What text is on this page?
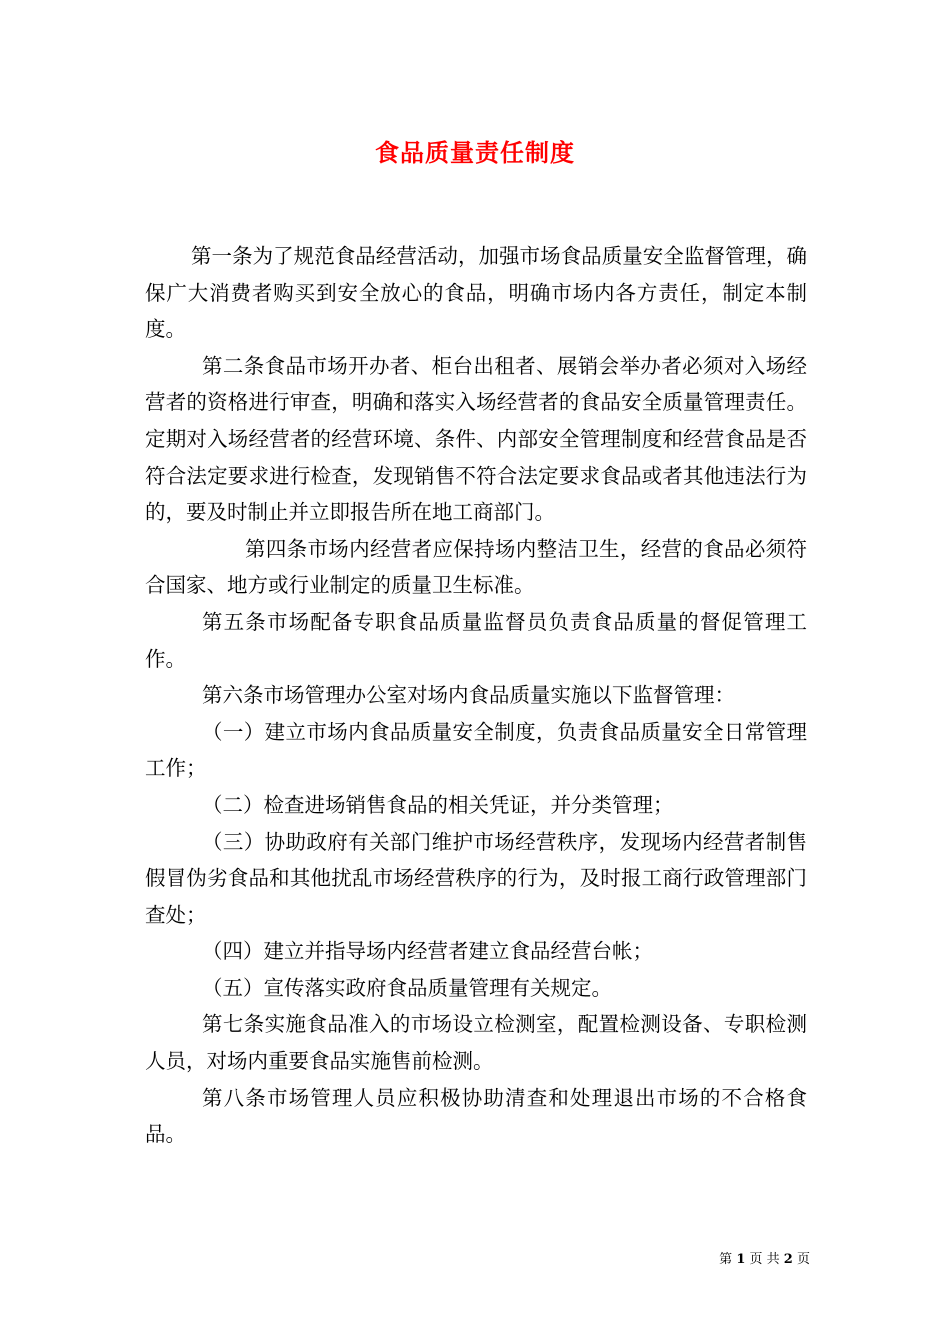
食品质量责任制度

第一条为了规范食品经营活动，加强市场食品质量安全监督管理，确保广大消费者购买到安全放心的食品，明确市场内各方责任，制定本制度。

第二条食品市场开办者、柜台出租者、展销会举办者必须对入场经营者的资格进行审查，明确和落实入场经营者的食品安全质量管理责任。定期对入场经营者的经营环境、条件、内部安全管理制度和经营食品是否符合法定要求进行检查，发现销售不符合法定要求食品或者其他违法行为的，要及时制止并立即报告所在地工商部门。

第四条市场内经营者应保持场内整洁卫生，经营的食品必须符合国家、地方或行业制定的质量卫生标准。

第五条市场配备专职食品质量监督员负责食品质量的督促管理工作。

第六条市场管理办公室对场内食品质量实施以下监督管理：

（一）建立市场内食品质量安全制度，负责食品质量安全日常管理工作；

（二）检查进场销售食品的相关凭证，并分类管理；

（三）协助政府有关部门维护市场经营秩序，发现场内经营者制售假冒伪劣食品和其他扰乱市场经营秩序的行为，及时报工商行政管理部门查处；

（四）建立并指导场内经营者建立食品经营台帐；

（五）宣传落实政府食品质量管理有关规定。

第七条实施食品准入的市场设立检测室，配置检测设备、专职检测人员，对场内重要食品实施售前检测。

第八条市场管理人员应积极协助清查和处理退出市场的不合格食品。

第 1 页 共 2 页
